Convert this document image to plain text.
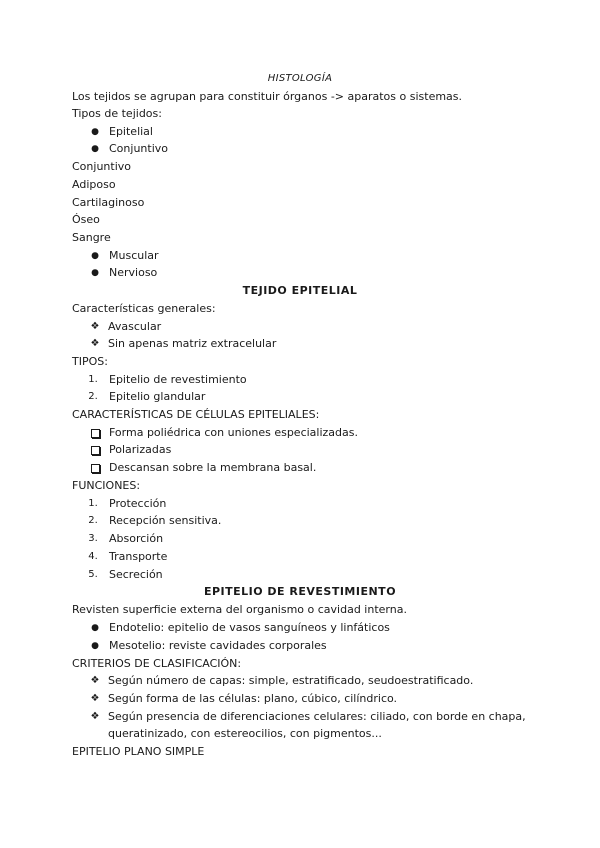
HISTOLOGÍA
Los tejidos se agrupan para constituir órganos -> aparatos o sistemas.
Tipos de tejidos:
● Epitelial
● Conjuntivo
Conjuntivo
Adiposo
Cartilaginoso
Óseo
Sangre
● Muscular
● Nervioso
TEJIDO EPITELIAL
Características generales:
❖ Avascular
❖ Sin apenas matriz extracelular
TIPOS:
1. Epitelio de revestimiento
2. Epitelio glandular
CARACTERÍSTICAS DE CÉLULAS EPITELIALES:
Forma poliédrica con uniones especializadas.
Polarizadas
Descansan sobre la membrana basal.
FUNCIONES:
1. Protección
2. Recepción sensitiva.
3. Absorción
4. Transporte
5. Secreción
EPITELIO DE REVESTIMIENTO
Revisten superficie externa del organismo o cavidad interna.
● Endotelio: epitelio de vasos sanguíneos y linfáticos
● Mesotelio: reviste cavidades corporales
CRITERIOS DE CLASIFICACIÓN:
❖ Según número de capas: simple, estratificado, seudoestratificado.
❖ Según forma de las células: plano, cúbico, cilíndrico.
❖ Según presencia de diferenciaciones celulares: ciliado, con borde en chapa,
queratinizado, con estereocilios, con pigmentos...
EPITELIO PLANO SIMPLE
